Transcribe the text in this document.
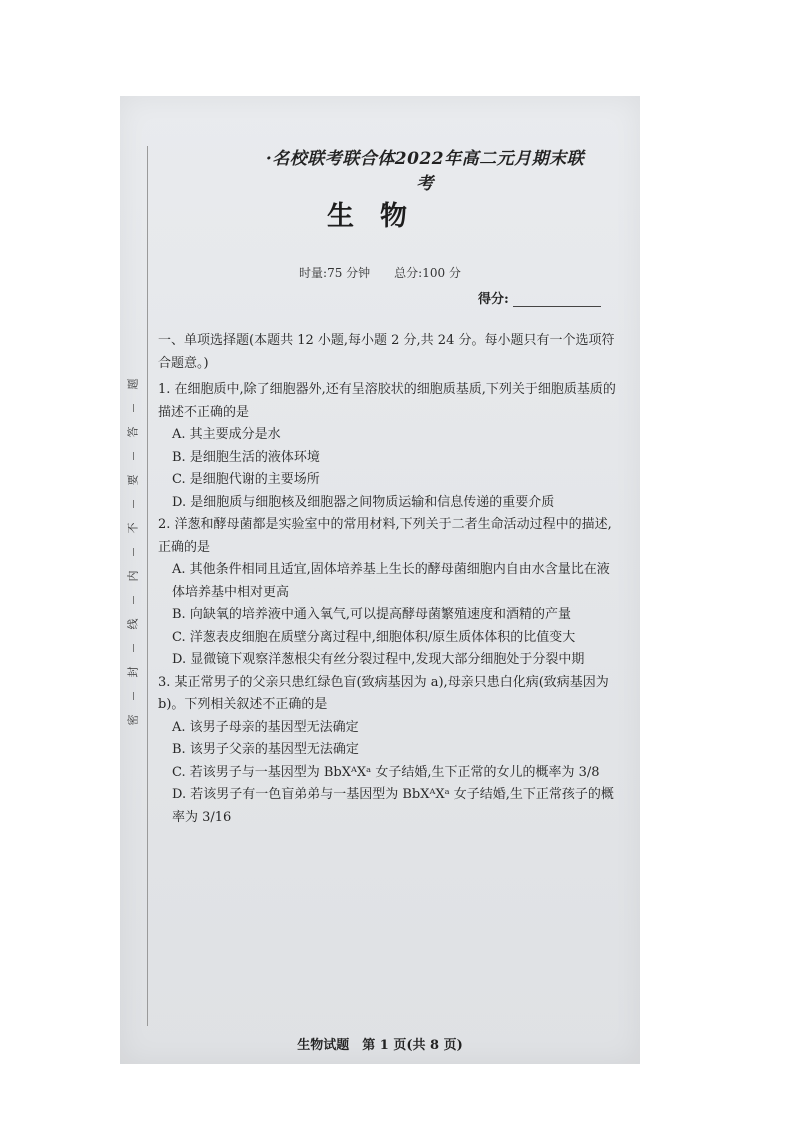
题
答
要
不
内
线
封
密
·名校联考联合体2022年高二元月期末联考
生物
时量:75 分钟　　总分:100 分
得分:

一、单项选择题(本题共 12 小题,每小题 2 分,共 24 分。每小题只有一个选项符合题意。)

1. 在细胞质中,除了细胞器外,还有呈溶胶状的细胞质基质,下列关于细胞质基质的描述不正确的是

A. 其主要成分是水

B. 是细胞生活的液体环境

C. 是细胞代谢的主要场所

D. 是细胞质与细胞核及细胞器之间物质运输和信息传递的重要介质

2. 洋葱和酵母菌都是实验室中的常用材料,下列关于二者生命活动过程中的描述,正确的是

A. 其他条件相同且适宜,固体培养基上生长的酵母菌细胞内自由水含量比在液体培养基中相对更高

B. 向缺氧的培养液中通入氧气,可以提高酵母菌繁殖速度和酒精的产量

C. 洋葱表皮细胞在质壁分离过程中,细胞体积/原生质体体积的比值变大

D. 显微镜下观察洋葱根尖有丝分裂过程中,发现大部分细胞处于分裂中期

3. 某正常男子的父亲只患红绿色盲(致病基因为 a),母亲只患白化病(致病基因为 b)。下列相关叙述不正确的是

A. 该男子母亲的基因型无法确定

B. 该男子父亲的基因型无法确定

C. 若该男子与一基因型为 BbXᴬXᵃ 女子结婚,生下正常的女儿的概率为 3/8

D. 若该男子有一色盲弟弟与一基因型为 BbXᴬXᵃ 女子结婚,生下正常孩子的概率为 3/16

生物试题　第 1 页(共 8 页)
